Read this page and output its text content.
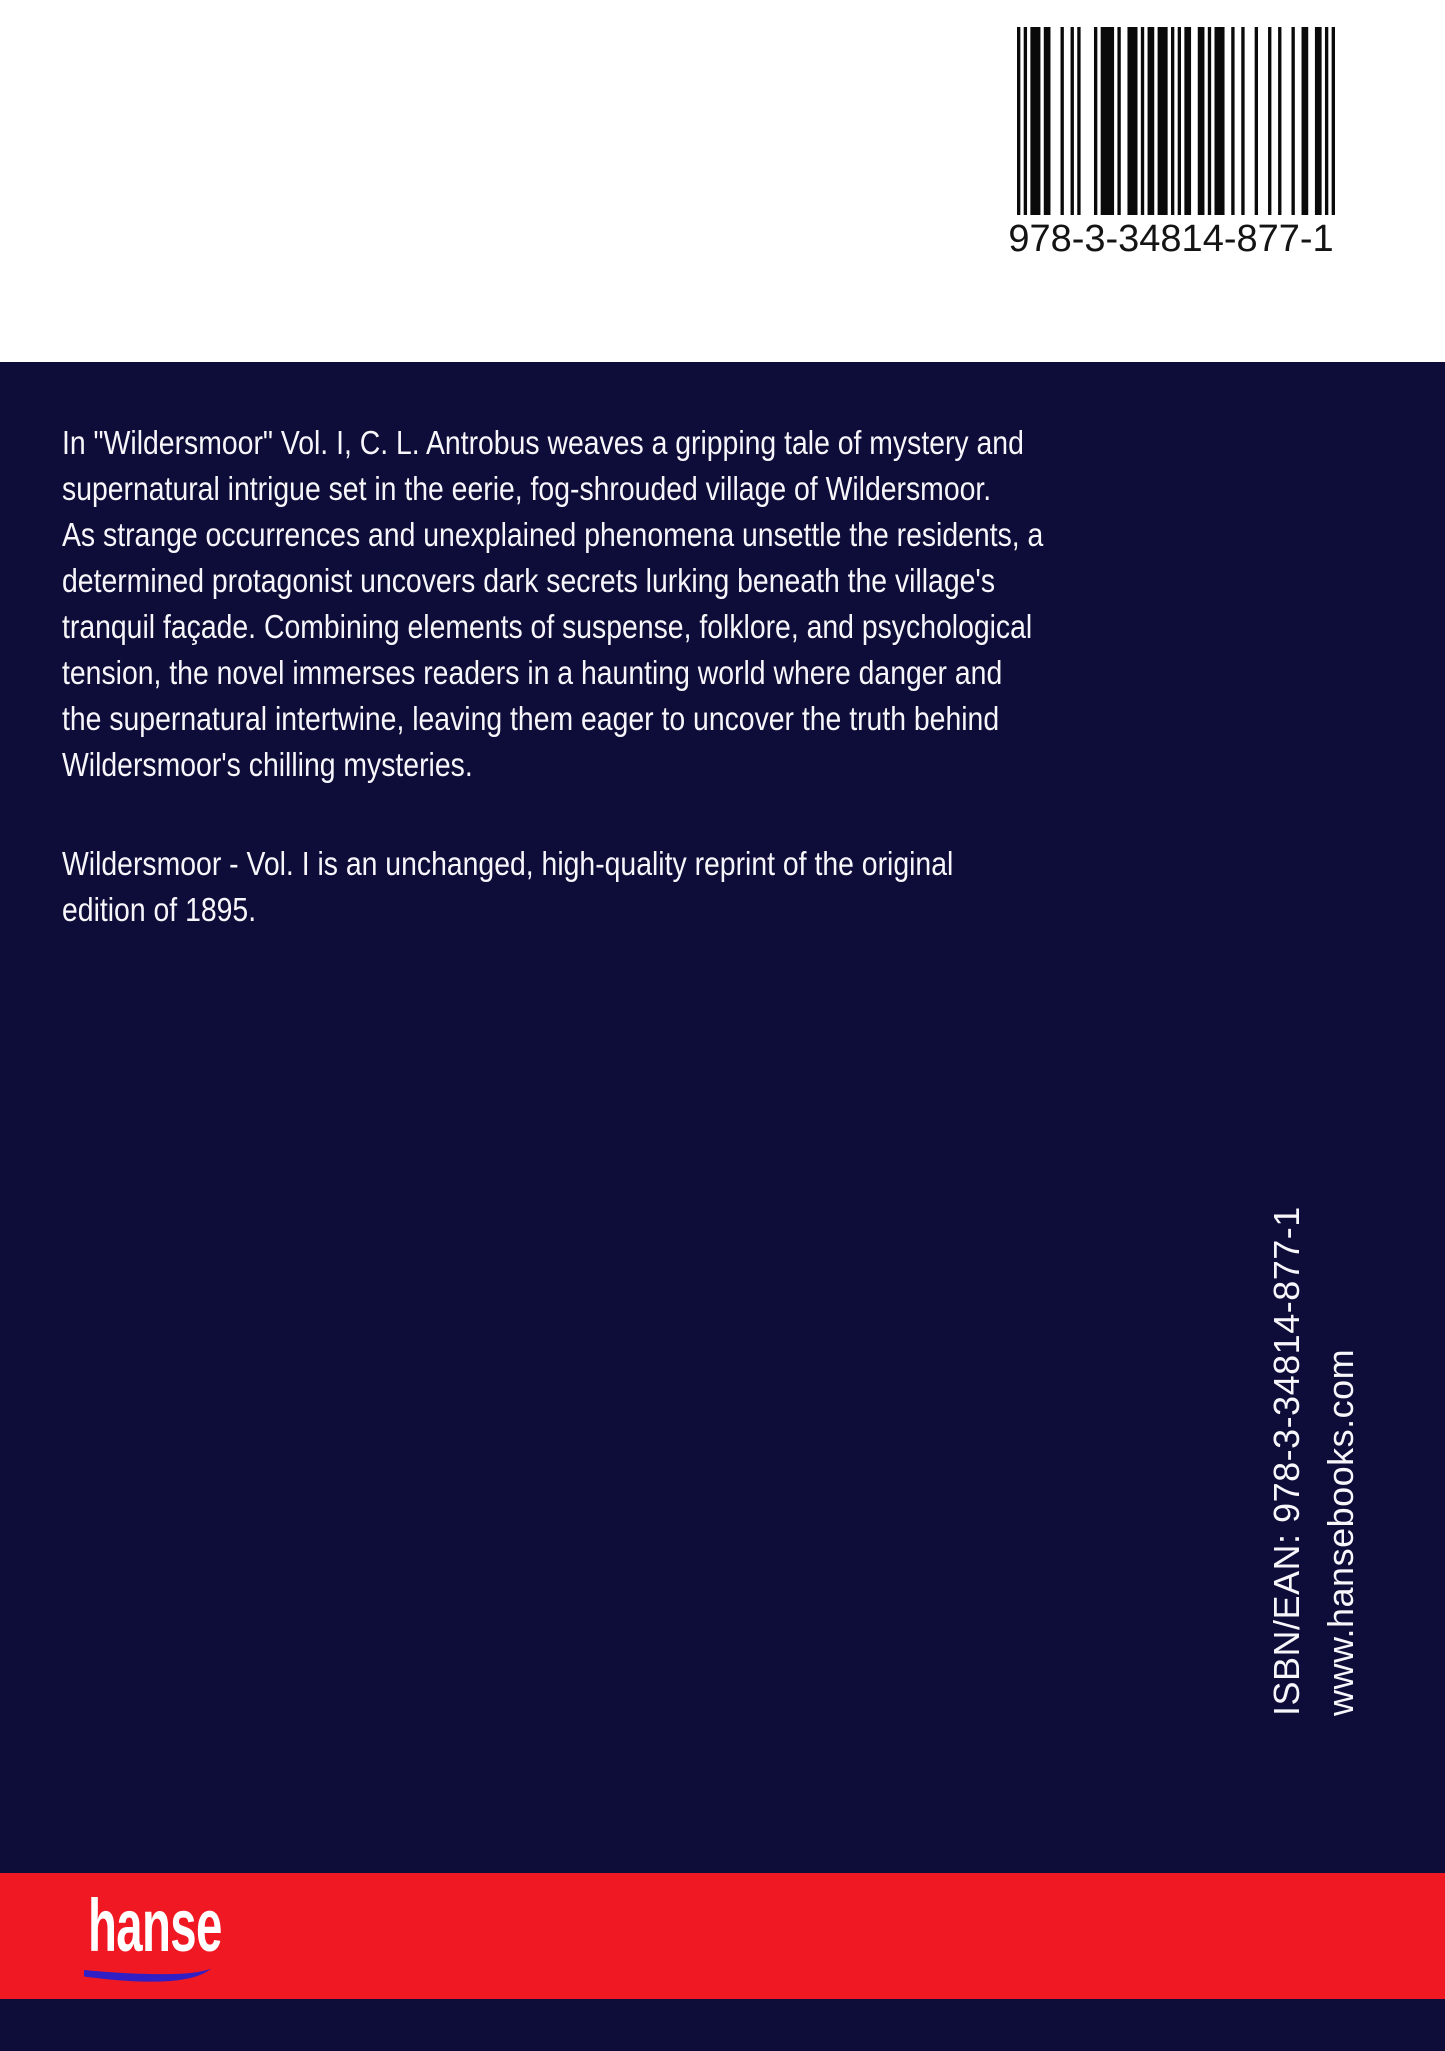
978-3-34814-877-1
In "Wildersmoor" Vol. I, C. L. Antrobus weaves a gripping tale of mystery and
supernatural intrigue set in the eerie, fog-shrouded village of Wildersmoor.
As strange occurrences and unexplained phenomena unsettle the residents, a
determined protagonist uncovers dark secrets lurking beneath the village's
tranquil façade. Combining elements of suspense, folklore, and psychological
tension, the novel immerses readers in a haunting world where danger and
the supernatural intertwine, leaving them eager to uncover the truth behind
Wildersmoor's chilling mysteries.
Wildersmoor - Vol. I is an unchanged, high-quality reprint of the original
edition of 1895.
ISBN/EAN: 978-3-34814-877-1 www.hansebooks.com
hanse
